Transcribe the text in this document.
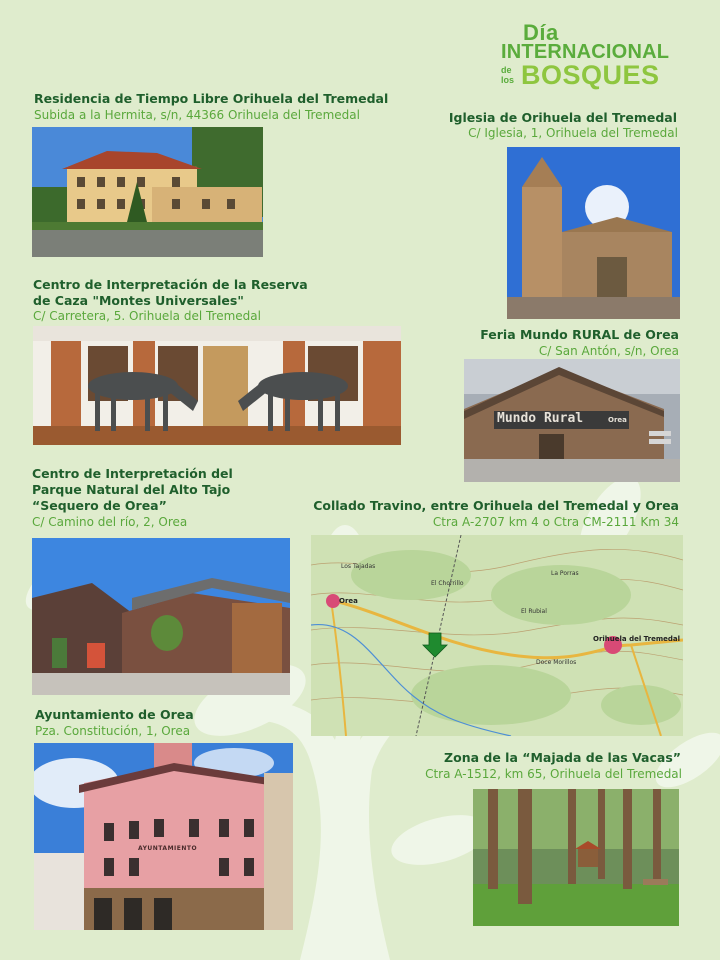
Día
INTERNACIONAL
de
los BOSQUES
Residencia de Tiempo Libre Orihuela del Tremedal
Subida a la Hermita, s/n, 44366 Orihuela del Tremedal	Iglesia de Orihuela del Tremedal
C/ Iglesia, 1, Orihuela del Tremedal
Centro de Interpretación de la Reserva
de Caza "Montes Universales"
C/ Carretera, 5. Orihuela del Tremedal
Feria Mundo RURAL de Orea
C/ San Antón, s/n, Orea
Mundo Rural	Orea
Centro de Interpretación del
Parque Natural del Alto Tajo
“Sequero de Orea”
C/ Camino del río, 2, Orea
Collado Travino, entre Orihuela del Tremedal y Orea
Ctra A-2707 km 4 o Ctra CM-2111 Km 34
Orea
Orihuela del Tremedal
El Rubial
Doce Morillos
Los Tajadas
La Porras
El Chorrillo
Ayuntamiento de Orea
Pza. Constitución, 1, Orea
AYUNTAMIENTO
Zona de la “Majada de las Vacas”
Ctra A-1512, km 65, Orihuela del Tremedal
